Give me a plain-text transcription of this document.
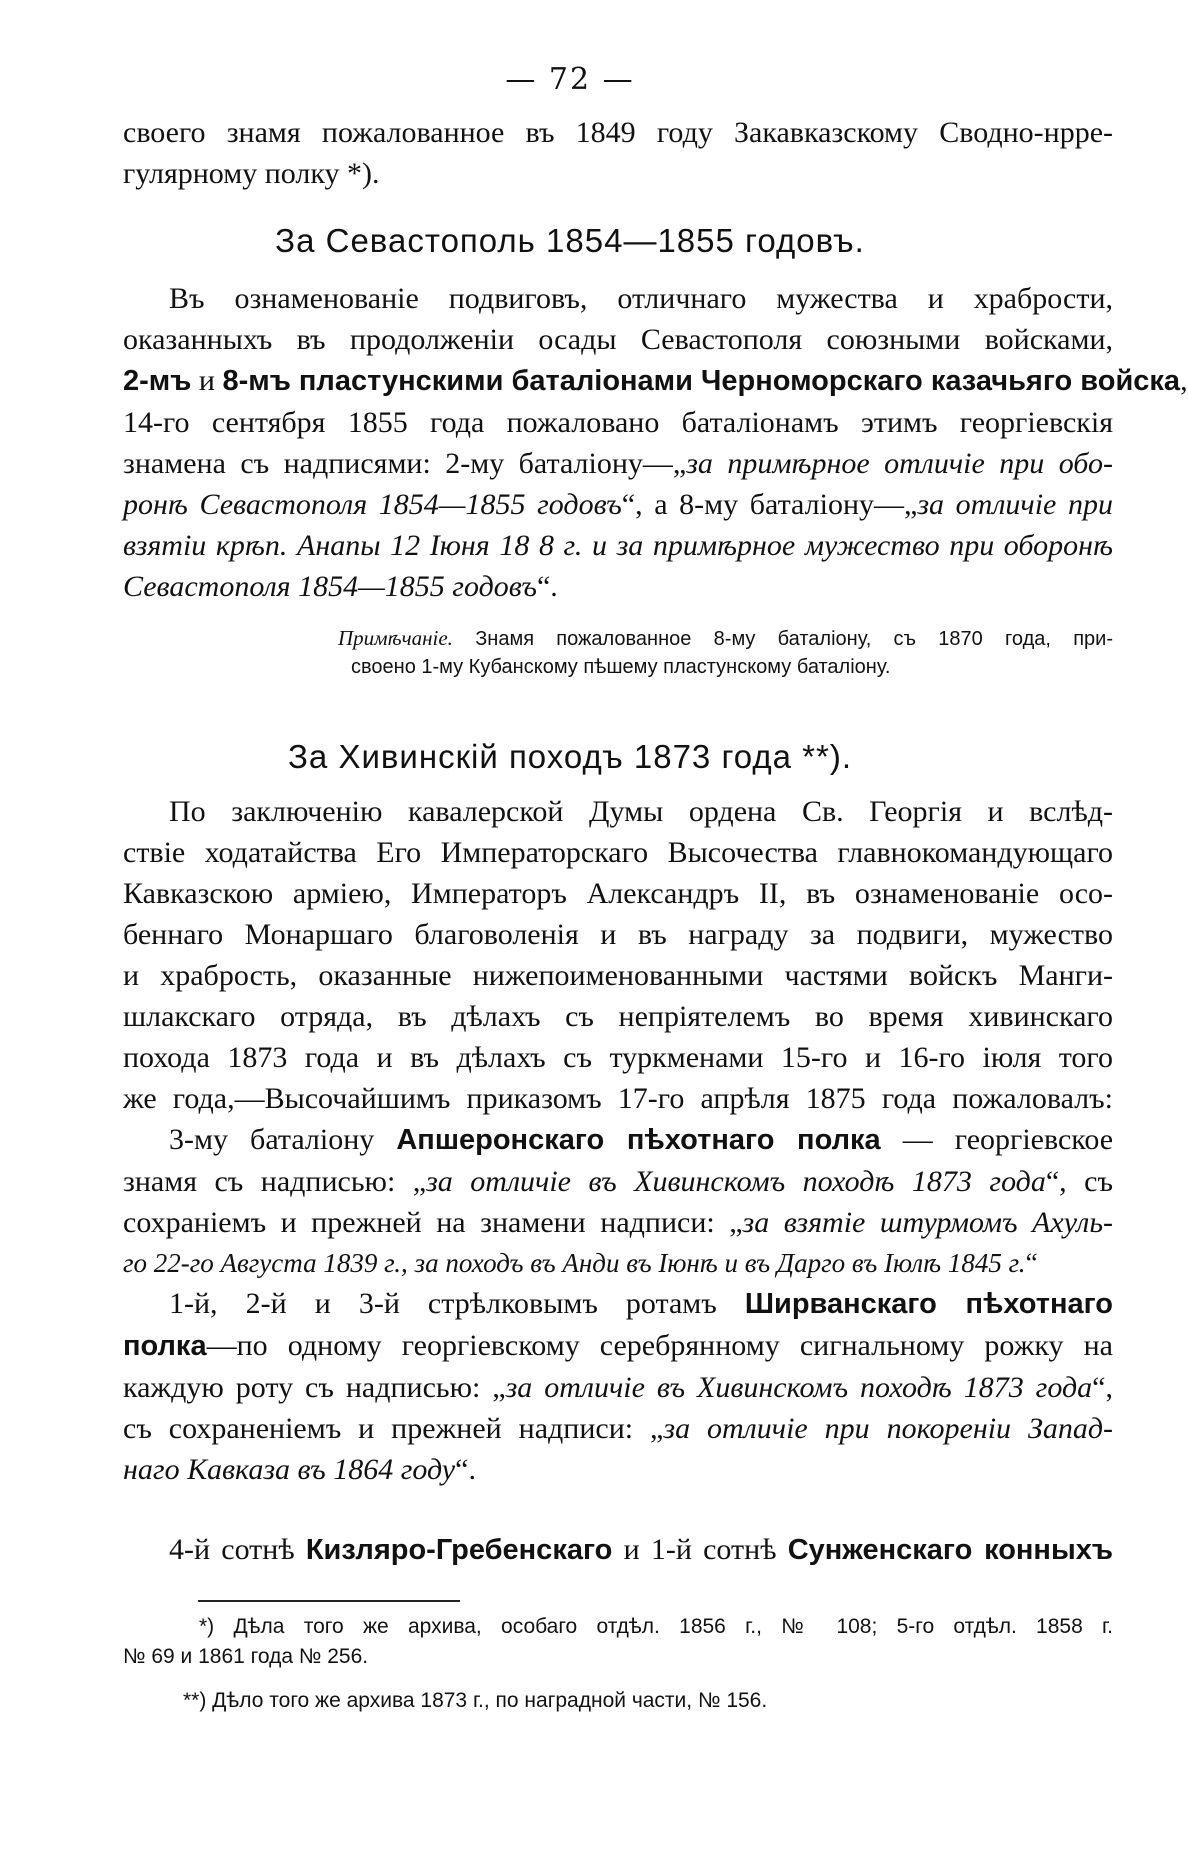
— 72 —
своего знамя пожалованное въ 1849 году Закавказскому Сводно-нрре-
гулярному полку *).
За Севастополь 1854—1855 годовъ.
Въ ознаменованіе подвиговъ, отличнаго мужества и храбрости,
оказанныхъ въ продолженіи осады Севастополя союзными войсками,
2-мъ и 8-мъ пластунскими баталіонами Черноморскаго казачьяго войска,
14-го сентября 1855 года пожаловано баталіонамъ этимъ георгіевскія
знамена съ надписями: 2-му баталіону—„за примѣрное отличіе при обо-
ронѣ Севастополя 1854—1855 годовъ“, а 8-му баталіону—„за отличіе при
взятіи крѣп. Анапы 12 Іюня 18 8 г. и за примѣрное мужество при оборонѣ
Севастополя 1854—1855 годовъ“.
Примѣчаніе. Знамя пожалованное 8-му баталіону, съ 1870 года, при-
своено 1-му Кубанскому пѣшему пластунскому баталіону.
За Хивинскій походъ 1873 года **).
По заключенію кавалерской Думы ордена Св. Георгія и вслѣд-
ствіе ходатайства Его Императорскаго Высочества главнокомандующаго
Кавказскою арміею, Императоръ Александръ II, въ ознаменованіе осо-
беннаго Монаршаго благоволенія и въ награду за подвиги, мужество
и храбрость, оказанные нижепоименованными частями войскъ Манги-
шлакскаго отряда, въ дѣлахъ съ непріятелемъ во время хивинскаго
похода 1873 года и въ дѣлахъ съ туркменами 15-го и 16-го іюля того
же года,—Высочайшимъ приказомъ 17-го апрѣля 1875 года пожаловалъ:
3-му баталіону Апшеронскаго пѣхотнаго полка — георгіевское
знамя съ надписью: „за отличіе въ Хивинскомъ походѣ 1873 года“, съ
сохраніемъ и прежней на знамени надписи: „за взятіе штурмомъ Ахуль-
го 22-го Августа 1839 г., за походъ въ Анди въ Іюнѣ и въ Дарго въ Іюлѣ 1845 г.“
1-й, 2-й и 3-й стрѣлковымъ ротамъ Ширванскаго пѣхотнаго
полка—по одному георгіевскому серебрянному сигнальному рожку на
каждую роту съ надписью: „за отличіе въ Хивинскомъ походѣ 1873 года“,
съ сохраненіемъ и прежней надписи: „за отличіе при покореніи Запад-
наго Кавказа въ 1864 году“.
4-й сотнѣ Кизляро-Гребенскаго и 1-й сотнѣ Сунженскаго конныхъ
*) Дѣла того же архива, особаго отдѣл. 1856 г., № 108; 5-го отдѣл. 1858 г.
№ 69 и 1861 года № 256.
**) Дѣло того же архива 1873 г., по наградной части, № 156.
